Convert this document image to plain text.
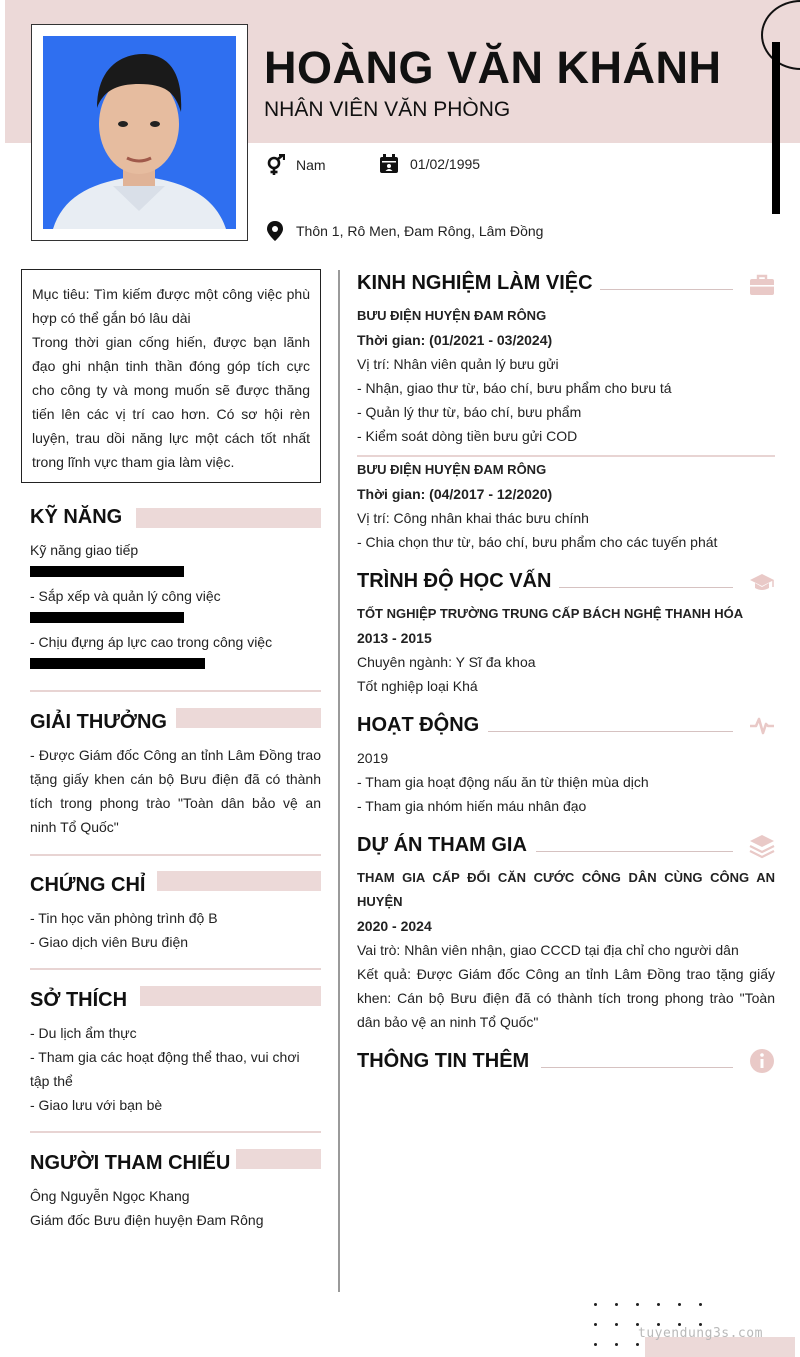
HOÀNG VĂN KHÁNH
NHÂN VIÊN VĂN PHÒNG
Nam	01/02/1995
Thôn 1, Rô Men, Đam Rông, Lâm Đồng
Mục tiêu: Tìm kiếm được một công việc phù hợp có thể gắn bó lâu dài
Trong thời gian cống hiến, được bạn lãnh đạo ghi nhận tinh thần đóng góp tích cực cho công ty và mong muốn sẽ được thăng tiến lên các vị trí cao hơn. Có sơ hội rèn luyện, trau dồi năng lực một cách tốt nhất trong lĩnh vực tham gia làm việc.
KỸ NĂNG
Kỹ năng giao tiếp
- Sắp xếp và quản lý công việc
- Chịu đựng áp lực cao trong công việc
GIẢI THƯỞNG
- Được Giám đốc Công an tỉnh Lâm Đồng trao tặng giấy khen cán bộ Bưu điện đã có thành tích trong phong trào "Toàn dân bảo vệ an ninh Tổ Quốc"
CHỨNG CHỈ
- Tin học văn phòng trình độ B
- Giao dịch viên Bưu điện
SỞ THÍCH
- Du lịch ẩm thực
- Tham gia các hoạt động thể thao, vui chơi tập thể
- Giao lưu với bạn bè
NGƯỜI THAM CHIẾU
Ông Nguyễn Ngọc Khang
Giám đốc Bưu điện huyện Đam Rông
KINH NGHIỆM LÀM VIỆC
BƯU ĐIỆN HUYỆN ĐAM RÔNG
Thời gian: (01/2021 - 03/2024)
Vị trí: Nhân viên quản lý bưu gửi
- Nhận, giao thư từ, báo chí, bưu phẩm cho bưu tá
- Quản lý thư từ, báo chí, bưu phẩm
- Kiểm soát dòng tiền bưu gửi COD
BƯU ĐIỆN HUYỆN ĐAM RÔNG
Thời gian: (04/2017 - 12/2020)
Vị trí: Công nhân khai thác bưu chính
- Chia chọn thư từ, báo chí, bưu phẩm cho các tuyến phát
TRÌNH ĐỘ HỌC VẤN
TỐT NGHIỆP TRƯỜNG TRUNG CẤP BÁCH NGHỆ THANH HÓA
2013 - 2015
Chuyên ngành: Y Sĩ đa khoa
Tốt nghiệp loại Khá
HOẠT ĐỘNG
2019
- Tham gia hoạt động nấu ăn từ thiện mùa dịch
- Tham gia nhóm hiến máu nhân đạo
DỰ ÁN THAM GIA
THAM GIA CẤP ĐỔI CĂN CƯỚC CÔNG DÂN CÙNG CÔNG AN HUYỆN
2020 - 2024
Vai trò: Nhân viên nhận, giao CCCD tại địa chỉ cho người dân
Kết quả: Được Giám đốc Công an tỉnh Lâm Đồng trao tặng giấy khen: Cán bộ Bưu điện đã có thành tích trong phong trào "Toàn dân bảo vệ an ninh Tổ Quốc"
THÔNG TIN THÊM
tuyendung3s.com
